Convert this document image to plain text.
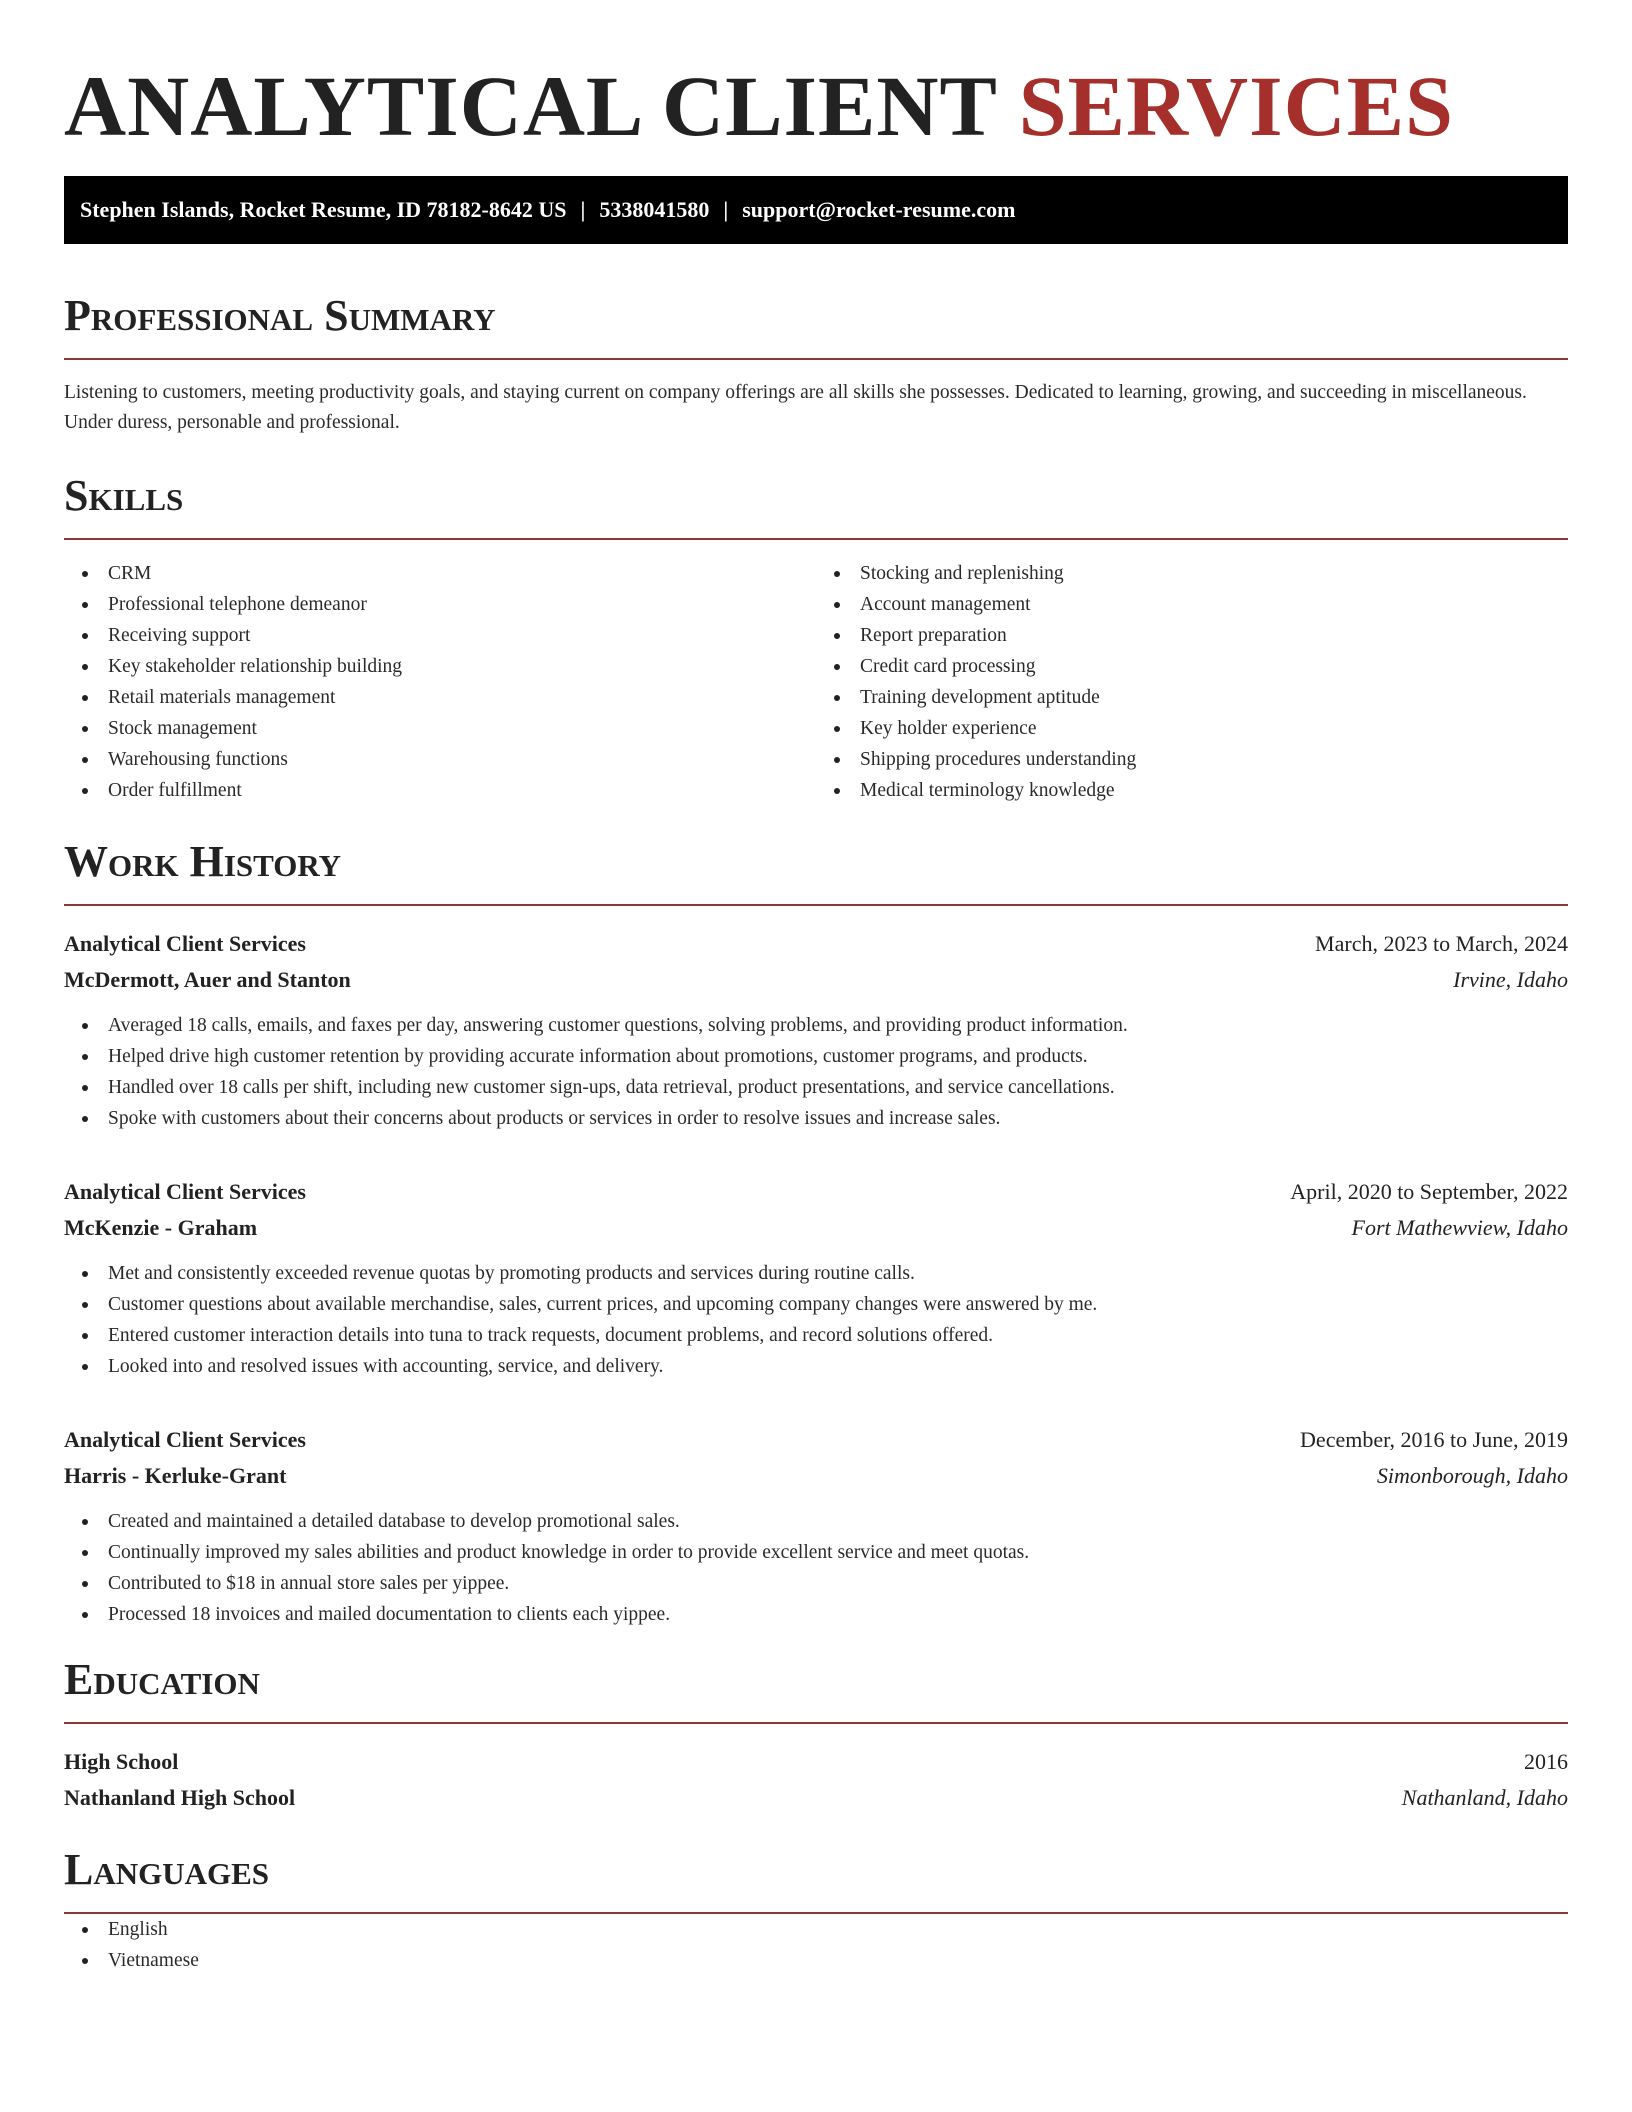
ANALYTICAL CLIENT SERVICES
Stephen Islands, Rocket Resume, ID 78182-8642 US | 5338041580 | support@rocket-resume.com
Professional Summary

Listening to customers, meeting productivity goals, and staying current on company offerings are all skills she possesses. Dedicated to learning, growing, and succeeding in miscellaneous. Under duress, personable and professional.

Skills
CRM
Professional telephone demeanor
Receiving support
Key stakeholder relationship building
Retail materials management
Stock management
Warehousing functions
Order fulfillment
Stocking and replenishing
Account management
Report preparation
Credit card processing
Training development aptitude
Key holder experience
Shipping procedures understanding
Medical terminology knowledge
Work History
Analytical Client Services	March, 2023 to March, 2024
McDermott, Auer and Stanton	Irvine, Idaho
Averaged 18 calls, emails, and faxes per day, answering customer questions, solving problems, and providing product information.
Helped drive high customer retention by providing accurate information about promotions, customer programs, and products.
Handled over 18 calls per shift, including new customer sign-ups, data retrieval, product presentations, and service cancellations.
Spoke with customers about their concerns about products or services in order to resolve issues and increase sales.
Analytical Client Services	April, 2020 to September, 2022
McKenzie - Graham	Fort Mathewview, Idaho
Met and consistently exceeded revenue quotas by promoting products and services during routine calls.
Customer questions about available merchandise, sales, current prices, and upcoming company changes were answered by me.
Entered customer interaction details into tuna to track requests, document problems, and record solutions offered.
Looked into and resolved issues with accounting, service, and delivery.
Analytical Client Services	December, 2016 to June, 2019
Harris - Kerluke-Grant	Simonborough, Idaho
Created and maintained a detailed database to develop promotional sales.
Continually improved my sales abilities and product knowledge in order to provide excellent service and meet quotas.
Contributed to $18 in annual store sales per yippee.
Processed 18 invoices and mailed documentation to clients each yippee.
Education
High School	2016
Nathanland High School	Nathanland, Idaho
Languages
English
Vietnamese
